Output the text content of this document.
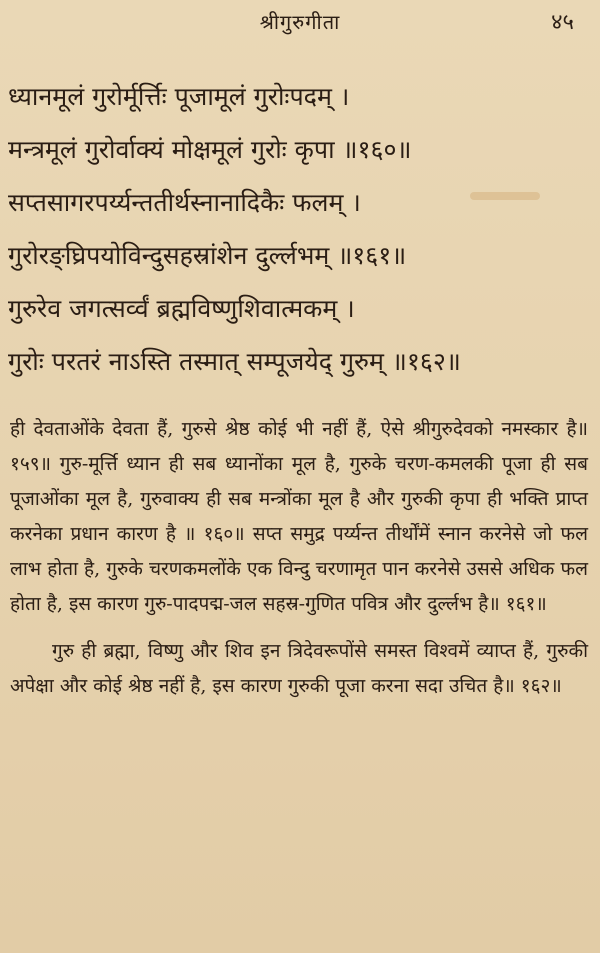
श्रीगुरुगीता	४५
ध्यानमूलं गुरोर्मूर्त्तिः पूजामूलं गुरोःपदम् ।
मन्त्रमूलं गुरोर्वाक्यं मोक्षमूलं गुरोः कृपा ॥१६०॥
सप्तसागरपर्य्यन्ततीर्थस्नानादिकैः फलम् ।
गुरोरङ्घ्रिपयोविन्दुसहस्रांशेन दुर्ल्लभम् ॥१६१॥
गुरुरेव जगत्सर्व्वं ब्रह्मविष्णुशिवात्मकम् ।
गुरोः परतरं नाऽस्ति तस्मात् सम्पूजयेद् गुरुम् ॥१६२॥

ही देवताओंके देवता हैं, गुरुसे श्रेष्ठ कोई भी नहीं हैं, ऐसे श्रीगुरुदेवको नमस्कार है॥ १५९॥ गुरु-मूर्त्ति ध्यान ही सब ध्यानोंका मूल है, गुरुके चरण-कमलकी पूजा ही सब पूजाओंका मूल है, गुरुवाक्य ही सब मन्त्रोंका मूल है और गुरुकी कृपा ही भक्ति प्राप्त करनेका प्रधान कारण है ॥ १६०॥ सप्त समुद्र पर्य्यन्त तीर्थोंमें स्नान करनेसे जो फल लाभ होता है, गुरुके चरणकमलोंके एक विन्दु चरणामृत पान करनेसे उससे अधिक फल होता है, इस कारण गुरु-पादपद्म-जल सहस्र-गुणित पवित्र और दुर्ल्लभ है॥ १६१॥

गुरु ही ब्रह्मा, विष्णु और शिव इन त्रिदेवरूपोंसे समस्त विश्वमें व्याप्त हैं, गुरुकी अपेक्षा और कोई श्रेष्ठ नहीं है, इस कारण गुरुकी पूजा करना सदा उचित है॥ १६२॥
